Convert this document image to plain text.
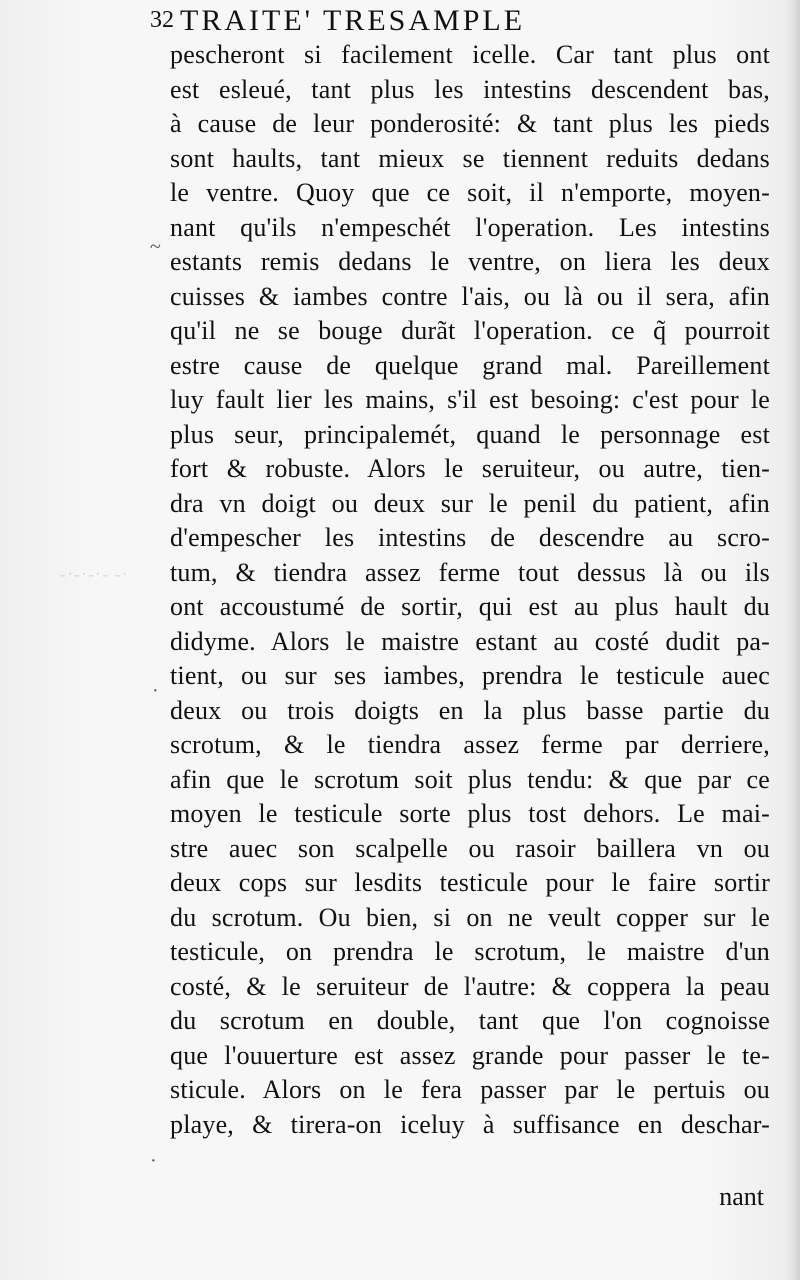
32 TRAITE' TRESAMPLE
~
·
·
-·-·-·- -·
pescheront si facilement icelle. Car tant plus ont
est esleué, tant plus les intestins descendent bas,
à cause de leur ponderosité: & tant plus les pieds
sont haults, tant mieux se tiennent reduits dedans
le ventre. Quoy que ce soit, il n'emporte, moyen-
nant qu'ils n'empeschét l'operation. Les intestins
estants remis dedans le ventre, on liera les deux
cuisses & iambes contre l'ais, ou là ou il sera, afin
qu'il ne se bouge durãt l'operation. ce q̃ pourroit
estre cause de quelque grand mal. Pareillement
luy fault lier les mains, s'il est besoing: c'est pour le
plus seur, principalemét, quand le personnage est
fort & robuste. Alors le seruiteur, ou autre, tien-
dra vn doigt ou deux sur le penil du patient, afin
d'empescher les intestins de descendre au scro-
tum, & tiendra assez ferme tout dessus là ou ils
ont accoustumé de sortir, qui est au plus hault du
didyme. Alors le maistre estant au costé dudit pa-
tient, ou sur ses iambes, prendra le testicule auec
deux ou trois doigts en la plus basse partie du
scrotum, & le tiendra assez ferme par derriere,
afin que le scrotum soit plus tendu: & que par ce
moyen le testicule sorte plus tost dehors. Le mai-
stre auec son scalpelle ou rasoir baillera vn ou
deux cops sur lesdits testicule pour le faire sortir
du scrotum. Ou bien, si on ne veult copper sur le
testicule, on prendra le scrotum, le maistre d'un
costé, & le seruiteur de l'autre: & coppera la peau
du scrotum en double, tant que l'on cognoisse
que l'ouuerture est assez grande pour passer le te-
sticule. Alors on le fera passer par le pertuis ou
playe, & tirera-on iceluy à suffisance en deschar-
nant
